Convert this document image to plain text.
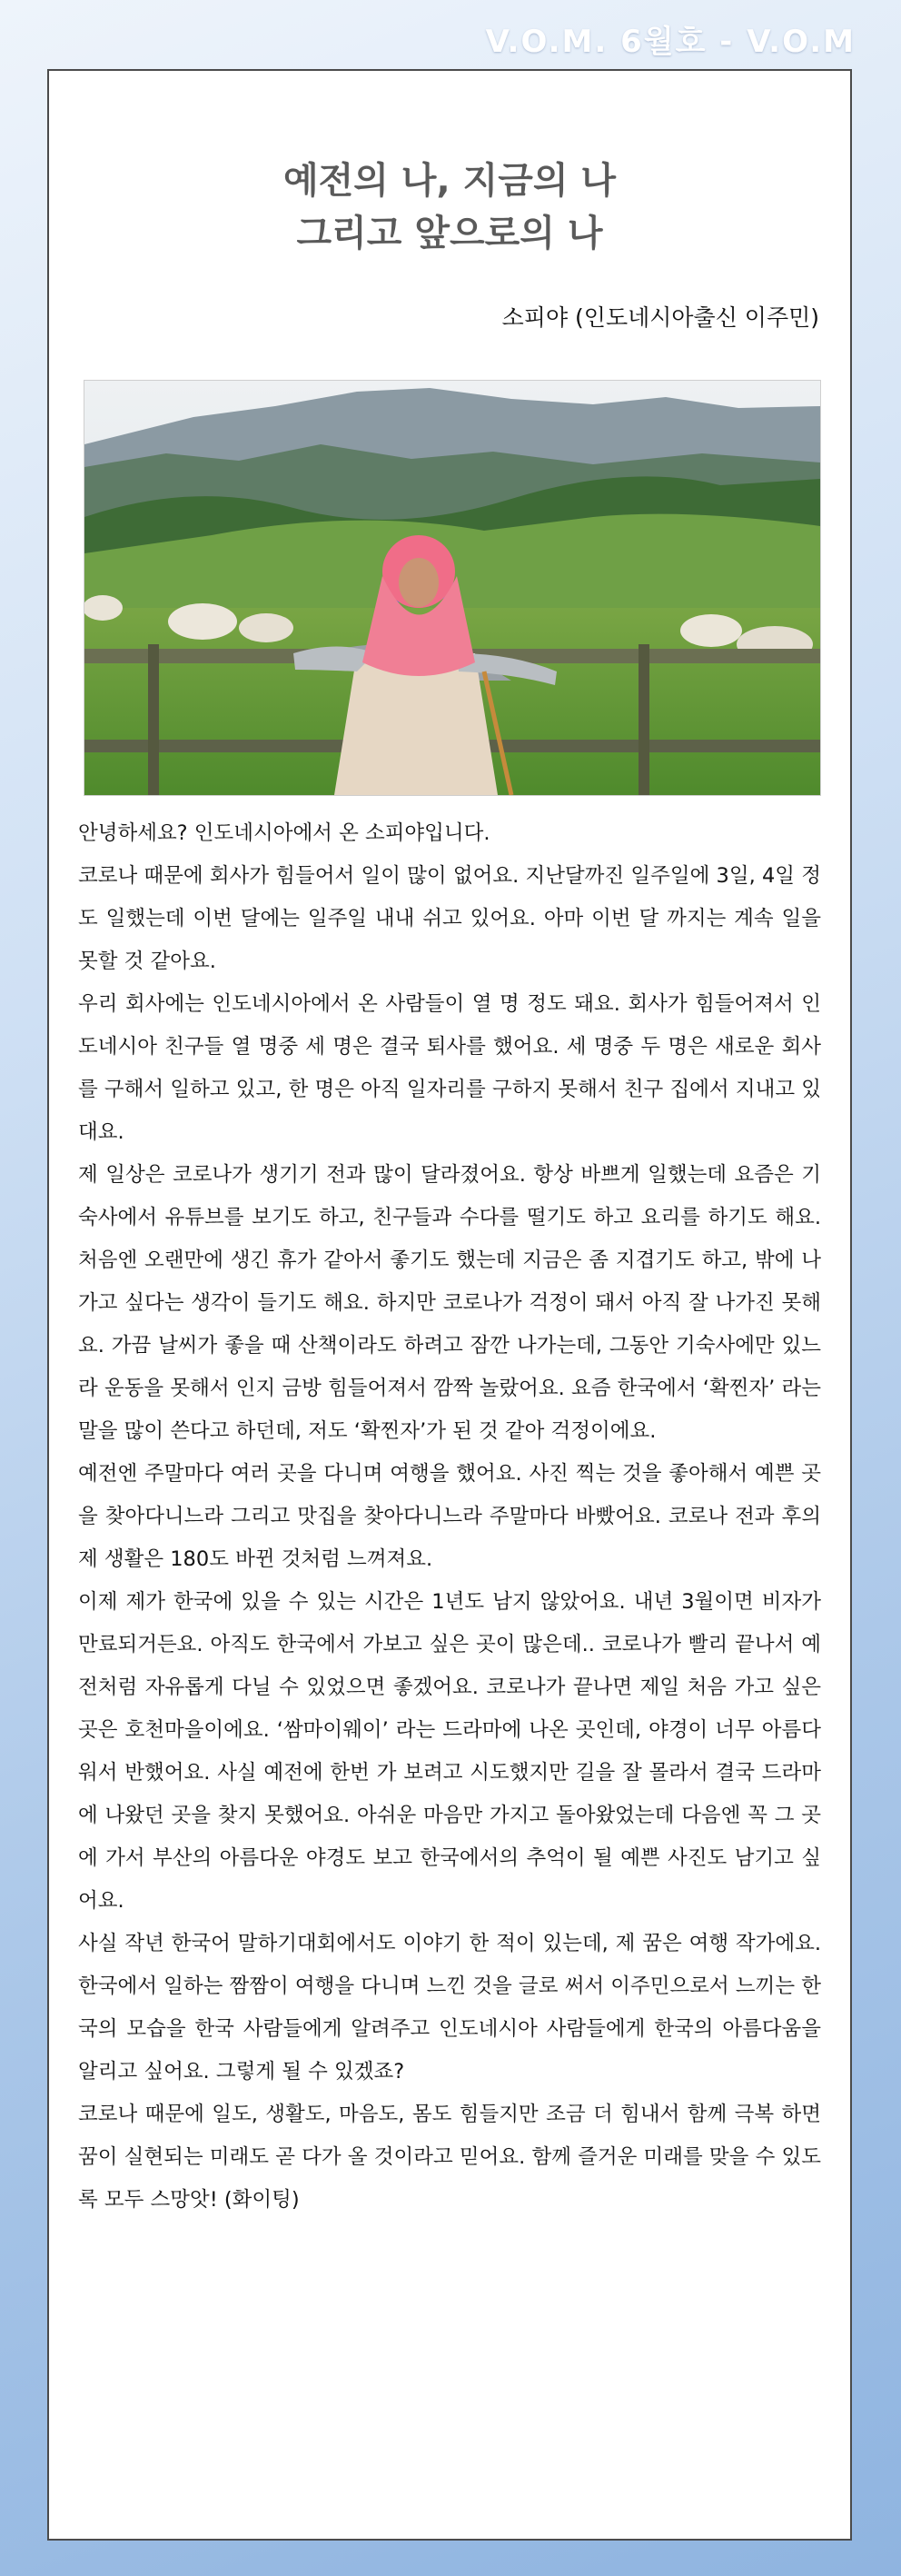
V.O.M. 6월호 - V.O.M
예전의 나, 지금의 나
그리고 앞으로의 나
소피야 (인도네시아출신 이주민)

안녕하세요? 인도네시아에서 온 소피야입니다.

코로나 때문에 회사가 힘들어서 일이 많이 없어요. 지난달까진 일주일에 3일, 4일 정도 일했는데 이번 달에는 일주일 내내 쉬고 있어요. 아마 이번 달 까지는 계속 일을 못할 것 같아요.

우리 회사에는 인도네시아에서 온 사람들이 열 명 정도 돼요. 회사가 힘들어져서 인도네시아 친구들 열 명중 세 명은 결국 퇴사를 했어요. 세 명중 두 명은 새로운 회사를 구해서 일하고 있고, 한 명은 아직 일자리를 구하지 못해서 친구 집에서 지내고 있대요.

제 일상은 코로나가 생기기 전과 많이 달라졌어요. 항상 바쁘게 일했는데 요즘은 기숙사에서 유튜브를 보기도 하고, 친구들과 수다를 떨기도 하고 요리를 하기도 해요. 처음엔 오랜만에 생긴 휴가 같아서 좋기도 했는데 지금은 좀 지겹기도 하고, 밖에 나가고 싶다는 생각이 들기도 해요. 하지만 코로나가 걱정이 돼서 아직 잘 나가진 못해요. 가끔 날씨가 좋을 때 산책이라도 하려고 잠깐 나가는데, 그동안 기숙사에만 있느라 운동을 못해서 인지 금방 힘들어져서 깜짝 놀랐어요. 요즘 한국에서 ‘확찐자’ 라는 말을 많이 쓴다고 하던데, 저도 ‘확찐자’가 된 것 같아 걱정이에요.

예전엔 주말마다 여러 곳을 다니며 여행을 했어요. 사진 찍는 것을 좋아해서 예쁜 곳을 찾아다니느라 그리고 맛집을 찾아다니느라 주말마다 바빴어요. 코로나 전과 후의 제 생활은 180도 바뀐 것처럼 느껴져요.

이제 제가 한국에 있을 수 있는 시간은 1년도 남지 않았어요. 내년 3월이면 비자가 만료되거든요. 아직도 한국에서 가보고 싶은 곳이 많은데.. 코로나가 빨리 끝나서 예전처럼 자유롭게 다닐 수 있었으면 좋겠어요. 코로나가 끝나면 제일 처음 가고 싶은 곳은 호천마을이에요. ‘쌈마이웨이’ 라는 드라마에 나온 곳인데, 야경이 너무 아름다워서 반했어요. 사실 예전에 한번 가 보려고 시도했지만 길을 잘 몰라서 결국 드라마에 나왔던 곳을 찾지 못했어요. 아쉬운 마음만 가지고 돌아왔었는데 다음엔 꼭 그 곳에 가서 부산의 아름다운 야경도 보고 한국에서의 추억이 될 예쁜 사진도 남기고 싶어요.

사실 작년 한국어 말하기대회에서도 이야기 한 적이 있는데, 제 꿈은 여행 작가에요. 한국에서 일하는 짬짬이 여행을 다니며 느낀 것을 글로 써서 이주민으로서 느끼는 한국의 모습을 한국 사람들에게 알려주고 인도네시아 사람들에게 한국의 아름다움을 알리고 싶어요. 그렇게 될 수 있겠죠?

코로나 때문에 일도, 생활도, 마음도, 몸도 힘들지만 조금 더 힘내서 함께 극복 하면 꿈이 실현되는 미래도 곧 다가 올 것이라고 믿어요. 함께 즐거운 미래를 맞을 수 있도록 모두 스망앗! (화이팅)
